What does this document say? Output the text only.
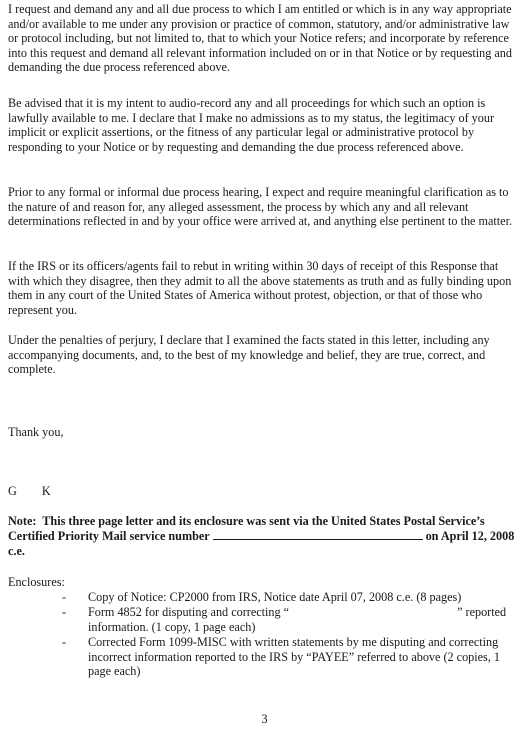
I request and demand any and all due process to which I am entitled or which is in any way appropriate and/or available to me under any provision or practice of common, statutory, and/or administrative law or protocol including, but not limited to, that to which your Notice refers; and incorporate by reference into this request and demand all relevant information included on or in that Notice or by requesting and demanding the due process referenced above.

Be advised that it is my intent to audio-record any and all proceedings for which such an option is lawfully available to me. I declare that I make no admissions as to my status, the legitimacy of your implicit or explicit assertions, or the fitness of any particular legal or administrative protocol by responding to your Notice or by requesting and demanding the due process referenced above.

Prior to any formal or informal due process hearing, I expect and require meaningful clarification as to the nature of and reason for, any alleged assessment, the process by which any and all relevant determinations reflected in and by your office were arrived at, and anything else pertinent to the matter.

If the IRS or its officers/agents fail to rebut in writing within 30 days of receipt of this Response that with which they disagree, then they admit to all the above statements as truth and as fully binding upon them in any court of the United States of America without protest, objection, or that of those who represent you.

Under the penalties of perjury, I declare that I examined the facts stated in this letter, including any accompanying documents, and, to the best of my knowledge and belief, they are true, correct, and complete.

Thank you,

G K
Note: This three page letter and its enclosure was sent via the United States Postal Service’s Certified Priority Mail service number	on April 12, 2008 c.e.
Enclosures:
- Copy of Notice: CP2000 from IRS, Notice date April 07, 2008 c.e. (8 pages)
- Form 4852 for disputing and correcting “	” reported information. (1 copy, 1 page each)
- Corrected Form 1099-MISC with written statements by me disputing and correcting incorrect information reported to the IRS by “PAYEE” referred to above (2 copies, 1 page each)
3
